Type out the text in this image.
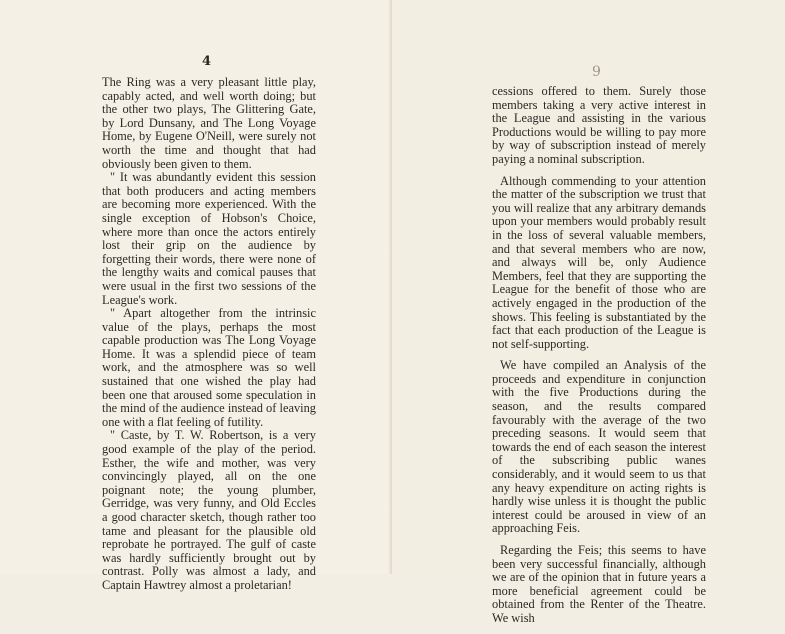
4

The Ring was a very pleasant little play, capably acted, and well worth doing; but the other two plays, The Glittering Gate, by Lord Dunsany, and The Long Voyage Home, by Eugene O'Neill, were surely not worth the time and thought that had obviously been given to them.

" It was abundantly evident this session that both producers and acting members are becoming more experienced. With the single exception of Hobson's Choice, where more than once the actors entirely lost their grip on the audience by forgetting their words, there were none of the lengthy waits and comical pauses that were usual in the first two sessions of the League's work.

" Apart altogether from the intrinsic value of the plays, perhaps the most capable production was The Long Voyage Home. It was a splendid piece of team work, and the atmosphere was so well sustained that one wished the play had been one that aroused some speculation in the mind of the audience instead of leaving one with a flat feeling of futility.

" Caste, by T. W. Robertson, is a very good example of the play of the period. Esther, the wife and mother, was very convincingly played, all on the one poignant note; the young plumber, Gerridge, was very funny, and Old Eccles a good character sketch, though rather too tame and pleasant for the plausible old reprobate he portrayed. The gulf of caste was hardly sufficiently brought out by contrast. Polly was almost a lady, and Captain Hawtrey almost a proletarian!

9

cessions offered to them. Surely those members taking a very active interest in the League and assisting in the various Productions would be willing to pay more by way of subscription instead of merely paying a nominal subscription.

Although commending to your attention the matter of the subscription we trust that you will realize that any arbitrary demands upon your members would probably result in the loss of several valuable members, and that several members who are now, and always will be, only Audience Members, feel that they are supporting the League for the benefit of those who are actively engaged in the production of the shows. This feeling is substantiated by the fact that each production of the League is not self-supporting.

We have compiled an Analysis of the proceeds and expenditure in conjunction with the five Productions during the season, and the results compared favourably with the average of the two preceding seasons. It would seem that towards the end of each season the interest of the subscribing public wanes considerably, and it would seem to us that any heavy expenditure on acting rights is hardly wise unless it is thought the public interest could be aroused in view of an approaching Feis.

Regarding the Feis; this seems to have been very successful financially, although we are of the opinion that in future years a more beneficial agreement could be obtained from the Renter of the Theatre. We wish
